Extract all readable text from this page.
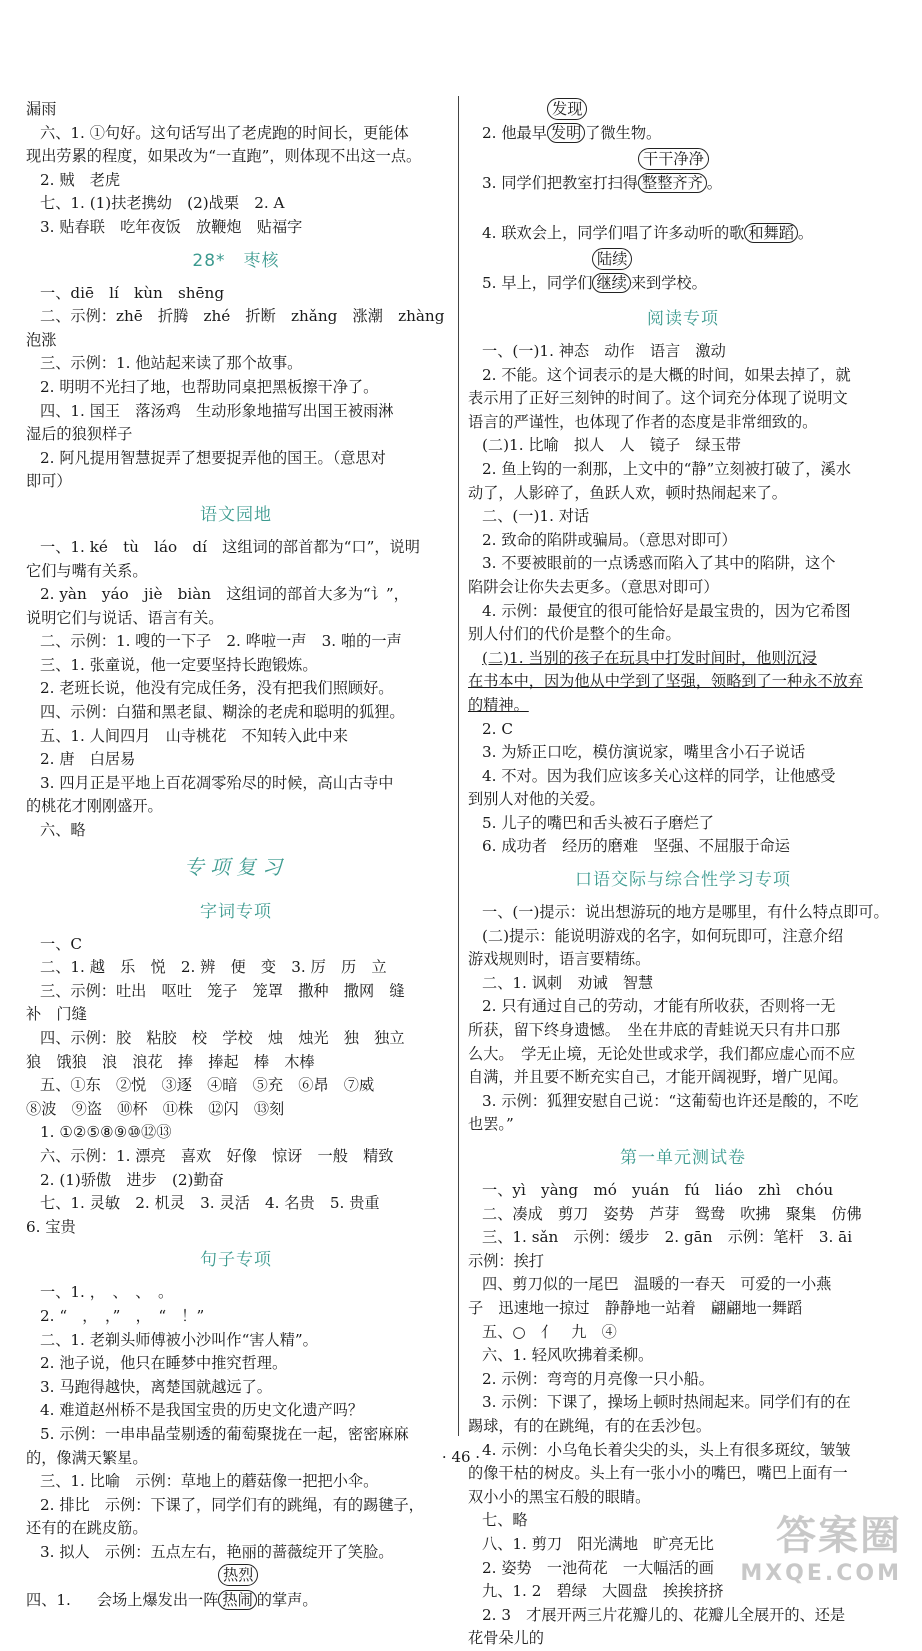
漏雨
六、1. ①句好。这句话写出了老虎跑的时间长，更能体
现出劳累的程度，如果改为“一直跑”，则体现不出这一点。
2. 贼　老虎
七、1. (1)扶老携幼　(2)战栗　2. A
3. 贴春联　吃年夜饭　放鞭炮　贴福字
28*　枣核
一、diē　lí　kùn　shēng
二、示例：zhē　折腾　zhé　折断　zhǎng　涨潮　zhàng
泡涨
三、示例：1. 他站起来读了那个故事。
2. 明明不光扫了地，也帮助同桌把黑板擦干净了。
四、1. 国王　落汤鸡　生动形象地描写出国王被雨淋
湿后的狼狈样子
2. 阿凡提用智慧捉弄了想要捉弄他的国王。（意思对
即可）
语文园地
一、1. ké　tù　láo　dí　这组词的部首都为“口”，说明
它们与嘴有关系。
2. yàn　yáo　jiè　biàn　这组词的部首大多为“讠”，
说明它们与说话、语言有关。
二、示例：1. 嗖的一下子　2. 哗啦一声　3. 啪的一声
三、1. 张童说，他一定要坚持长跑锻炼。
2. 老班长说，他没有完成任务，没有把我们照顾好。
四、示例：白猫和黑老鼠、糊涂的老虎和聪明的狐狸。
五、1. 人间四月　山寺桃花　不知转入此中来
2. 唐　白居易
3. 四月正是平地上百花凋零殆尽的时候，高山古寺中
的桃花才刚刚盛开。
六、略
专项复习
字词专项
一、C
二、1. 越　乐　悦　2. 辨　便　变　3. 厉　历　立
三、示例：吐出　呕吐　笼子　笼罩　撒种　撒网　缝
补　门缝
四、示例：胶　粘胶　校　学校　烛　烛光　独　独立
狼　饿狼　浪　浪花　捧　捧起　棒　木棒
五、①东　②悦　③逐　④暗　⑤充　⑥昂　⑦威
⑧波　⑨盗　⑩杯　⑪株　⑫闪　⑬刻
1. ①②⑤⑧⑨⑩⑫⑬
六、示例：1. 漂亮　喜欢　好像　惊讶　一般　精致
2. (1)骄傲　进步　(2)勤奋
七、1. 灵敏　2. 机灵　3. 灵活　4. 名贵　5. 贵重
6. 宝贵
句子专项
一、1. ，　、　、　。
2. “　，　，”　，　“　！”
二、1. 老剃头师傅被小沙叫作“害人精”。
2. 池子说，他只在睡梦中推究哲理。
3. 马跑得越快，离楚国就越远了。
4. 难道赵州桥不是我国宝贵的历史文化遗产吗？
5. 示例：一串串晶莹剔透的葡萄聚拢在一起，密密麻麻
的，像满天繁星。
三、1. 比喻　示例：草地上的蘑菇像一把把小伞。
2. 排比　示例：下课了，同学们有的跳绳，有的踢毽子，
还有的在跳皮筋。
3. 拟人　示例：五点左右，艳丽的蔷薇绽开了笑脸。
四、1. 会场上爆发出一阵 热闹 的掌声。
热烈
2. 他最早 发明 了微生物。
发现
3. 同学们把教室打扫得 整整齐齐 。
干干净净
4. 联欢会上，同学们唱了许多动听的歌 和舞蹈 。
5. 早上，同学们 继续 来到学校。
陆续
阅读专项
一、(一)1. 神态　动作　语言　激动
2. 不能。这个词表示的是大概的时间，如果去掉了，就
表示用了正好三刻钟的时间了。这个词充分体现了说明文
语言的严谨性，也体现了作者的态度是非常细致的。
(二)1. 比喻　拟人　人　镜子　绿玉带
2. 鱼上钩的一刹那，上文中的“静”立刻被打破了，溪水
动了，人影碎了，鱼跃人欢，顿时热闹起来了。
二、(一)1. 对话
2. 致命的陷阱或骗局。（意思对即可）
3. 不要被眼前的一点诱惑而陷入了其中的陷阱，这个
陷阱会让你失去更多。（意思对即可）
4. 示例：最便宜的很可能恰好是最宝贵的，因为它希图
别人付们的代价是整个的生命。
(二)1. 当别的孩子在玩具中打发时间时，他则沉浸
在书本中，因为他从中学到了坚强，领略到了一种永不放弃
的精神。
2. C
3. 为矫正口吃，模仿演说家，嘴里含小石子说话
4. 不对。因为我们应该多关心这样的同学，让他感受
到别人对他的关爱。
5. 儿子的嘴巴和舌头被石子磨烂了
6. 成功者　经历的磨难　坚强、不屈服于命运
口语交际与综合性学习专项
一、(一)提示：说出想游玩的地方是哪里，有什么特点即可。
(二)提示：能说明游戏的名字，如何玩即可，注意介绍
游戏规则时，语言要精练。
二、1. 讽刺　劝诫　智慧
2. 只有通过自己的劳动，才能有所收获，否则将一无
所获，留下终身遗憾。　坐在井底的青蛙说天只有井口那
么大。　学无止境，无论处世或求学，我们都应虚心而不应
自满，并且要不断充实自己，才能开阔视野，增广见闻。
3. 示例：狐狸安慰自己说：“这葡萄也许还是酸的，不吃
也罢。”
第一单元测试卷
一、yì　yàng　mó　yuán　fú　liáo　zhì　chóu
二、凑成　剪刀　姿势　芦芽　鸳鸯　吹拂　聚集　仿佛
三、1. sǎn　示例：缓步　2. gān　示例：笔杆　3. āi
示例：挨打
四、剪刀似的一尾巴　温暖的一春天　可爱的一小燕
子　迅速地一掠过　静静地一站着　翩翩地一舞蹈
五、○　亻　九　④
六、1. 轻风吹拂着柔柳。
2. 示例：弯弯的月亮像一只小船。
3. 示例：下课了，操场上顿时热闹起来。同学们有的在
踢球，有的在跳绳，有的在丢沙包。
4. 示例：小乌龟长着尖尖的头，头上有很多斑纹，皱皱
的像干枯的树皮。头上有一张小小的嘴巴，嘴巴上面有一
双小小的黑宝石般的眼睛。
七、略
八、1. 剪刀　阳光满地　旷亮无比
2. 姿势　一池荷花　一大幅活的画
九、1. 2　碧绿　大圆盘　挨挨挤挤
2. 3　才展开两三片花瓣儿的、花瓣儿全展开的、还是
花骨朵儿的
· 46 ·
答案圈
MXQE.COM
